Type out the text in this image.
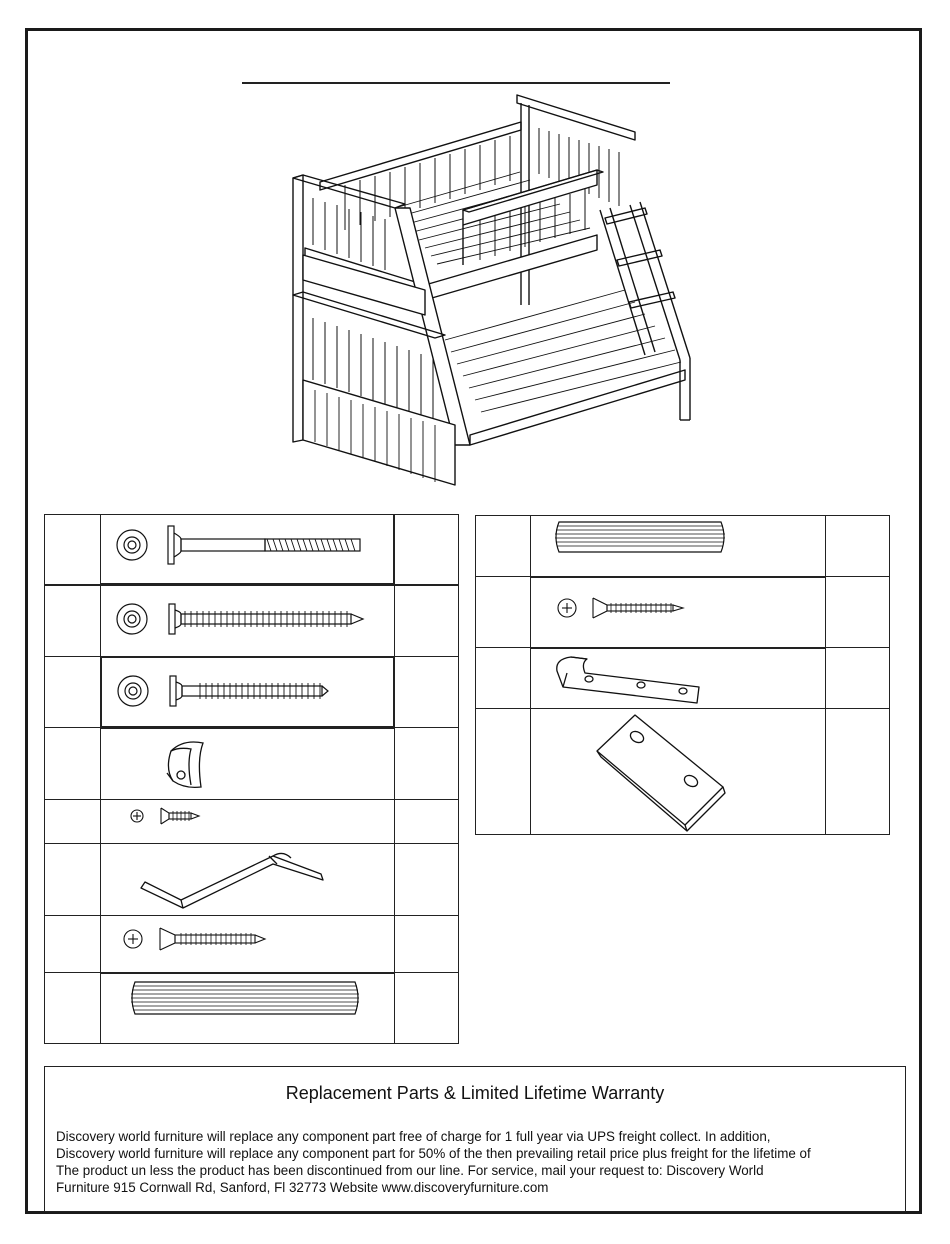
Replacement Parts & Limited Lifetime Warranty
Discovery world furniture will replace any component part free of charge for 1 full year via UPS freight collect. In addition,
Discovery world furniture will replace any component part for 50% of the then prevailing retail price plus freight for the lifetime of
The product un less the product has been discontinued from our line. For service, mail your request to: Discovery World
Furniture 915 Cornwall Rd, Sanford, Fl 32773 Website www.discoveryfurniture.com
